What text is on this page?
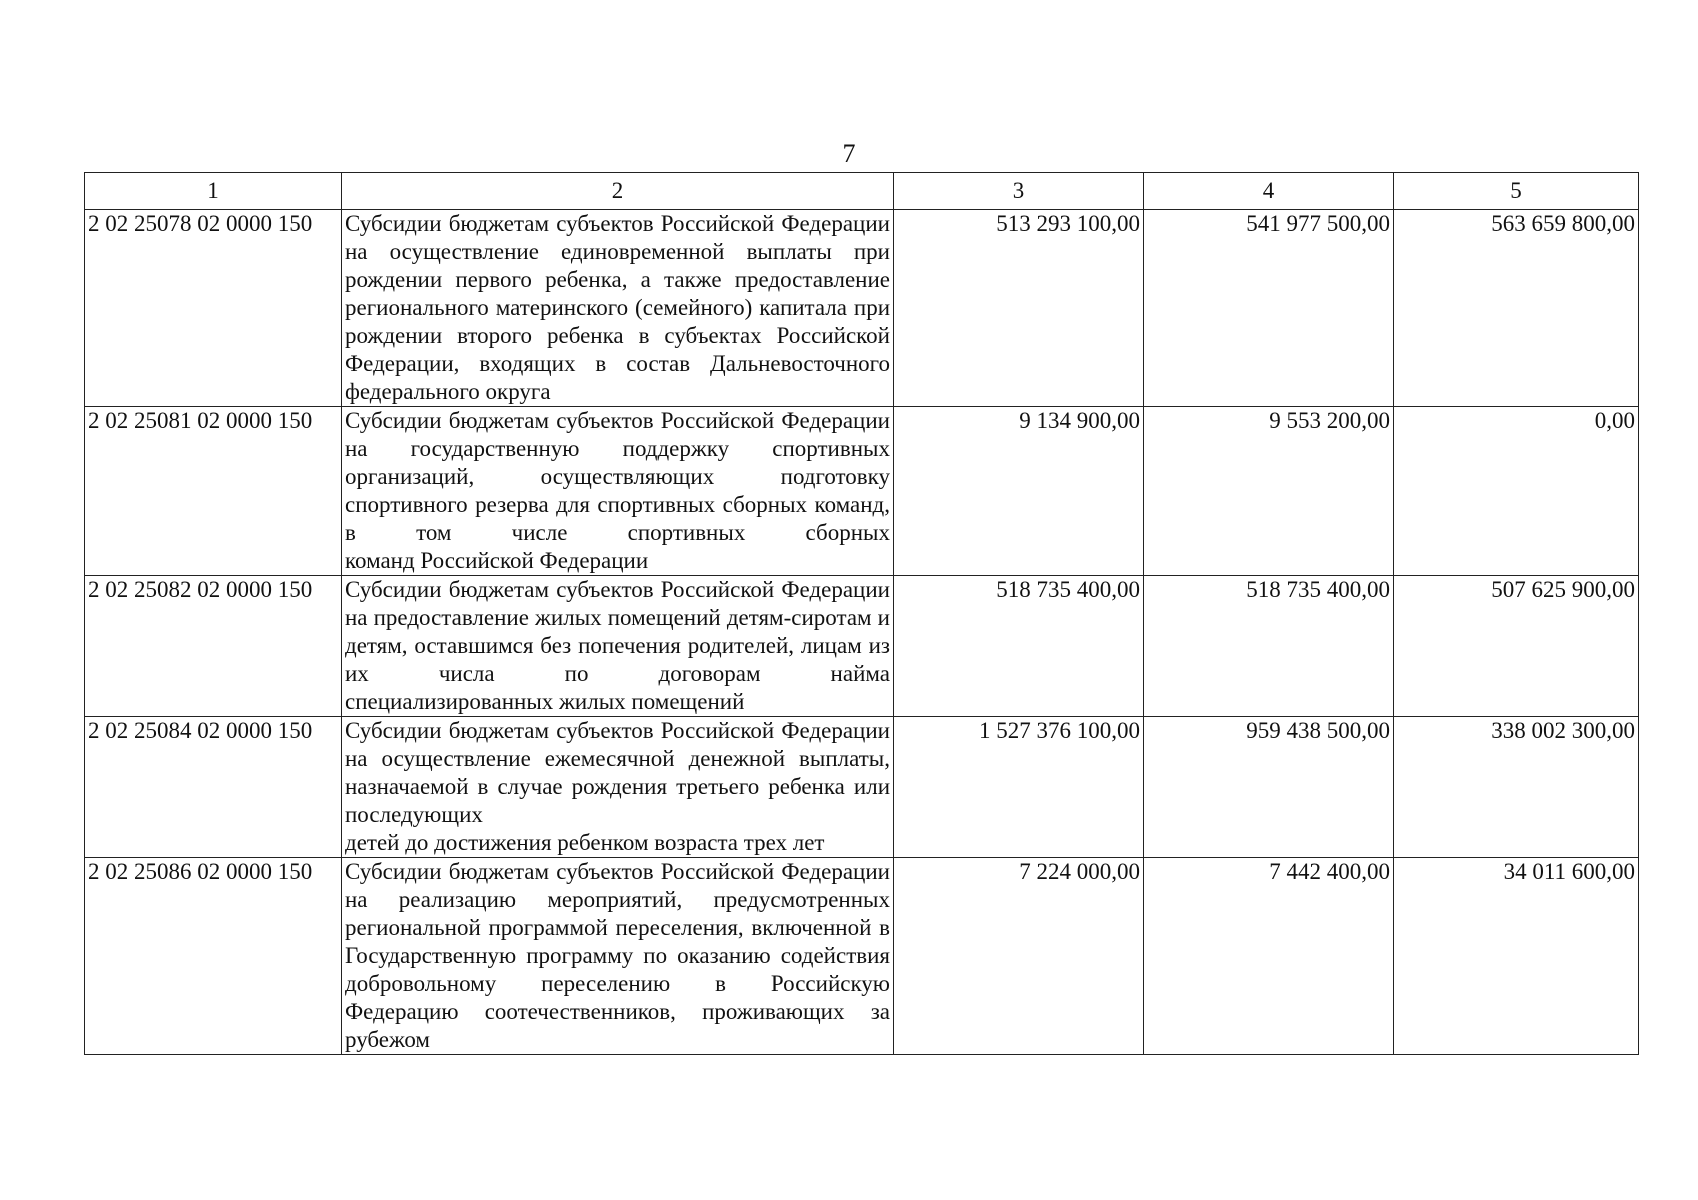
7
1	2	3	4	5
2 02 25078 02 0000 150	Субсидии бюджетам субъектов Российской Федерации на осуществление единовременной выплаты при рождении первого ребенка, а также предоставление регионального материнского (семейного) капитала при рождении второго ребенка в субъектах Российской Федерации, входящих в состав Дальневосточного
федерального округа	513 293 100,00	541 977 500,00	563 659 800,00
2 02 25081 02 0000 150	Субсидии бюджетам субъектов Российской Федерации на государственную поддержку спортивных организаций, осуществляющих подготовку спортивного резерва для спортивных сборных команд, в том числе спортивных сборных
команд Российской Федерации	9 134 900,00	9 553 200,00	0,00
2 02 25082 02 0000 150	Субсидии бюджетам субъектов Российской Федерации на предоставление жилых помещений детям-сиротам и детям, оставшимся без попечения родителей, лицам из их числа по договорам найма
специализированных жилых помещений	518 735 400,00	518 735 400,00	507 625 900,00
2 02 25084 02 0000 150	Субсидии бюджетам субъектов Российской Федерации на осуществление ежемесячной денежной выплаты, назначаемой в случае рождения третьего ребенка или последующих
детей до достижения ребенком возраста трех лет	1 527 376 100,00	959 438 500,00	338 002 300,00
2 02 25086 02 0000 150	Субсидии бюджетам субъектов Российской Федерации на реализацию мероприятий, предусмотренных региональной программой переселения, включенной в Государственную программу по оказанию содействия добровольному переселению в Российскую Федерацию соотечественников, проживающих за
рубежом	7 224 000,00	7 442 400,00	34 011 600,00
